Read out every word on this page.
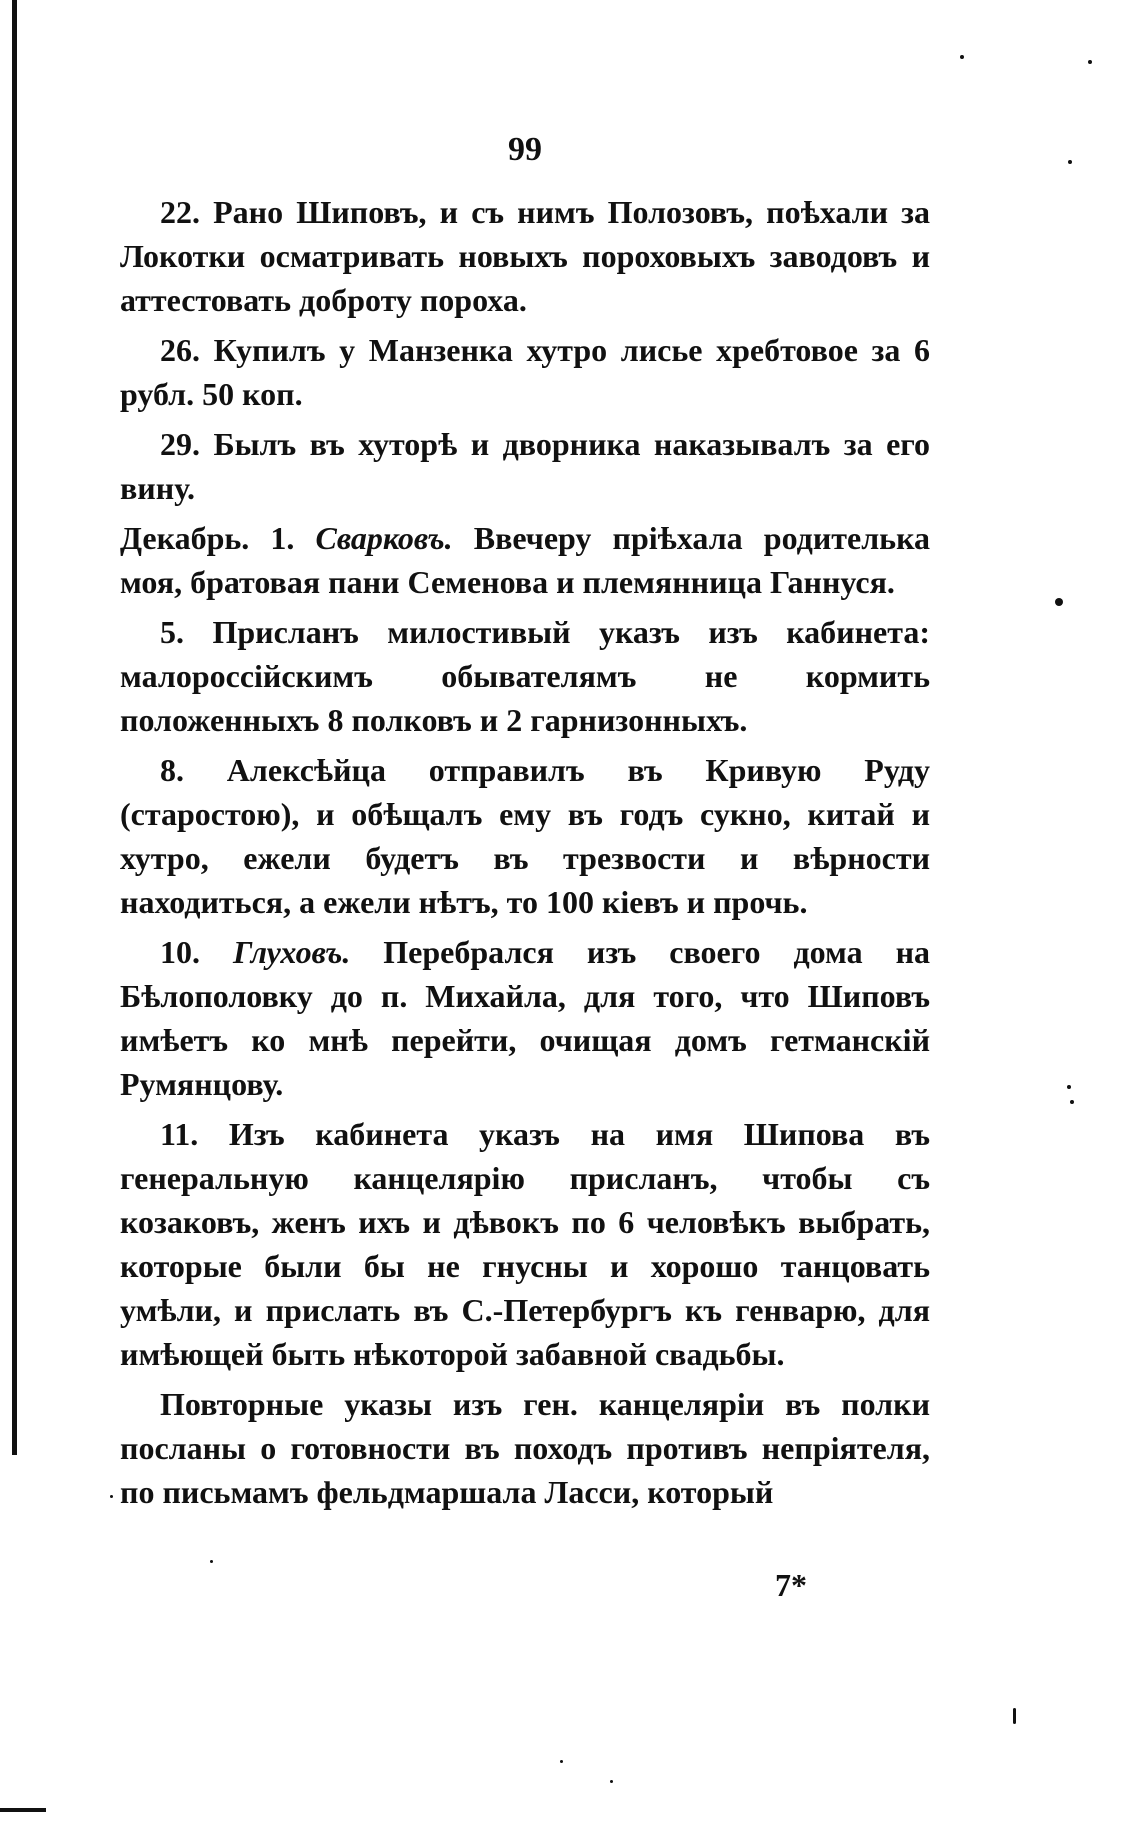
99

22. Рано Шиповъ, и съ нимъ Полозовъ, поѣхали за Локотки осматривать новыхъ пороховыхъ заводовъ и аттестовать доброту пороха.

26. Купилъ у Манзенка хутро лисье хребтовое за 6 рубл. 50 коп.

29. Былъ въ хуторѣ и дворника наказывалъ за его вину.

Декабрь. 1. Сварковъ. Ввечеру пріѣхала родителька моя, братовая пани Семенова и племянница Ганнуся.

5. Присланъ милостивый указъ изъ кабинета: малороссійскимъ обывателямъ не кормить положенныхъ 8 полковъ и 2 гарнизонныхъ.

8. Алексѣйца отправилъ въ Кривую Руду (старостою), и обѣщалъ ему въ годъ сукно, китай и хутро, ежели будетъ въ трезвости и вѣрности находиться, а ежели нѣтъ, то 100 кіевъ и прочь.

10. Глуховъ. Перебрался изъ своего дома на Бѣлополовку до п. Михайла, для того, что Шиповъ имѣетъ ко мнѣ перейти, очищая домъ гетманскій Румянцову.

11. Изъ кабинета указъ на имя Шипова въ генеральную канцелярію присланъ, чтобы съ козаковъ, женъ ихъ и дѣвокъ по 6 человѣкъ выбрать, которые были бы не гнусны и хорошо танцовать умѣли, и прислать въ С.-Петербургъ къ генварю, для имѣющей быть нѣкоторой забавной свадьбы.

Повторные указы изъ ген. канцеляріи въ полки посланы о готовности въ походъ противъ непріятеля, по письмамъ фельдмаршала Ласси, который

7*
